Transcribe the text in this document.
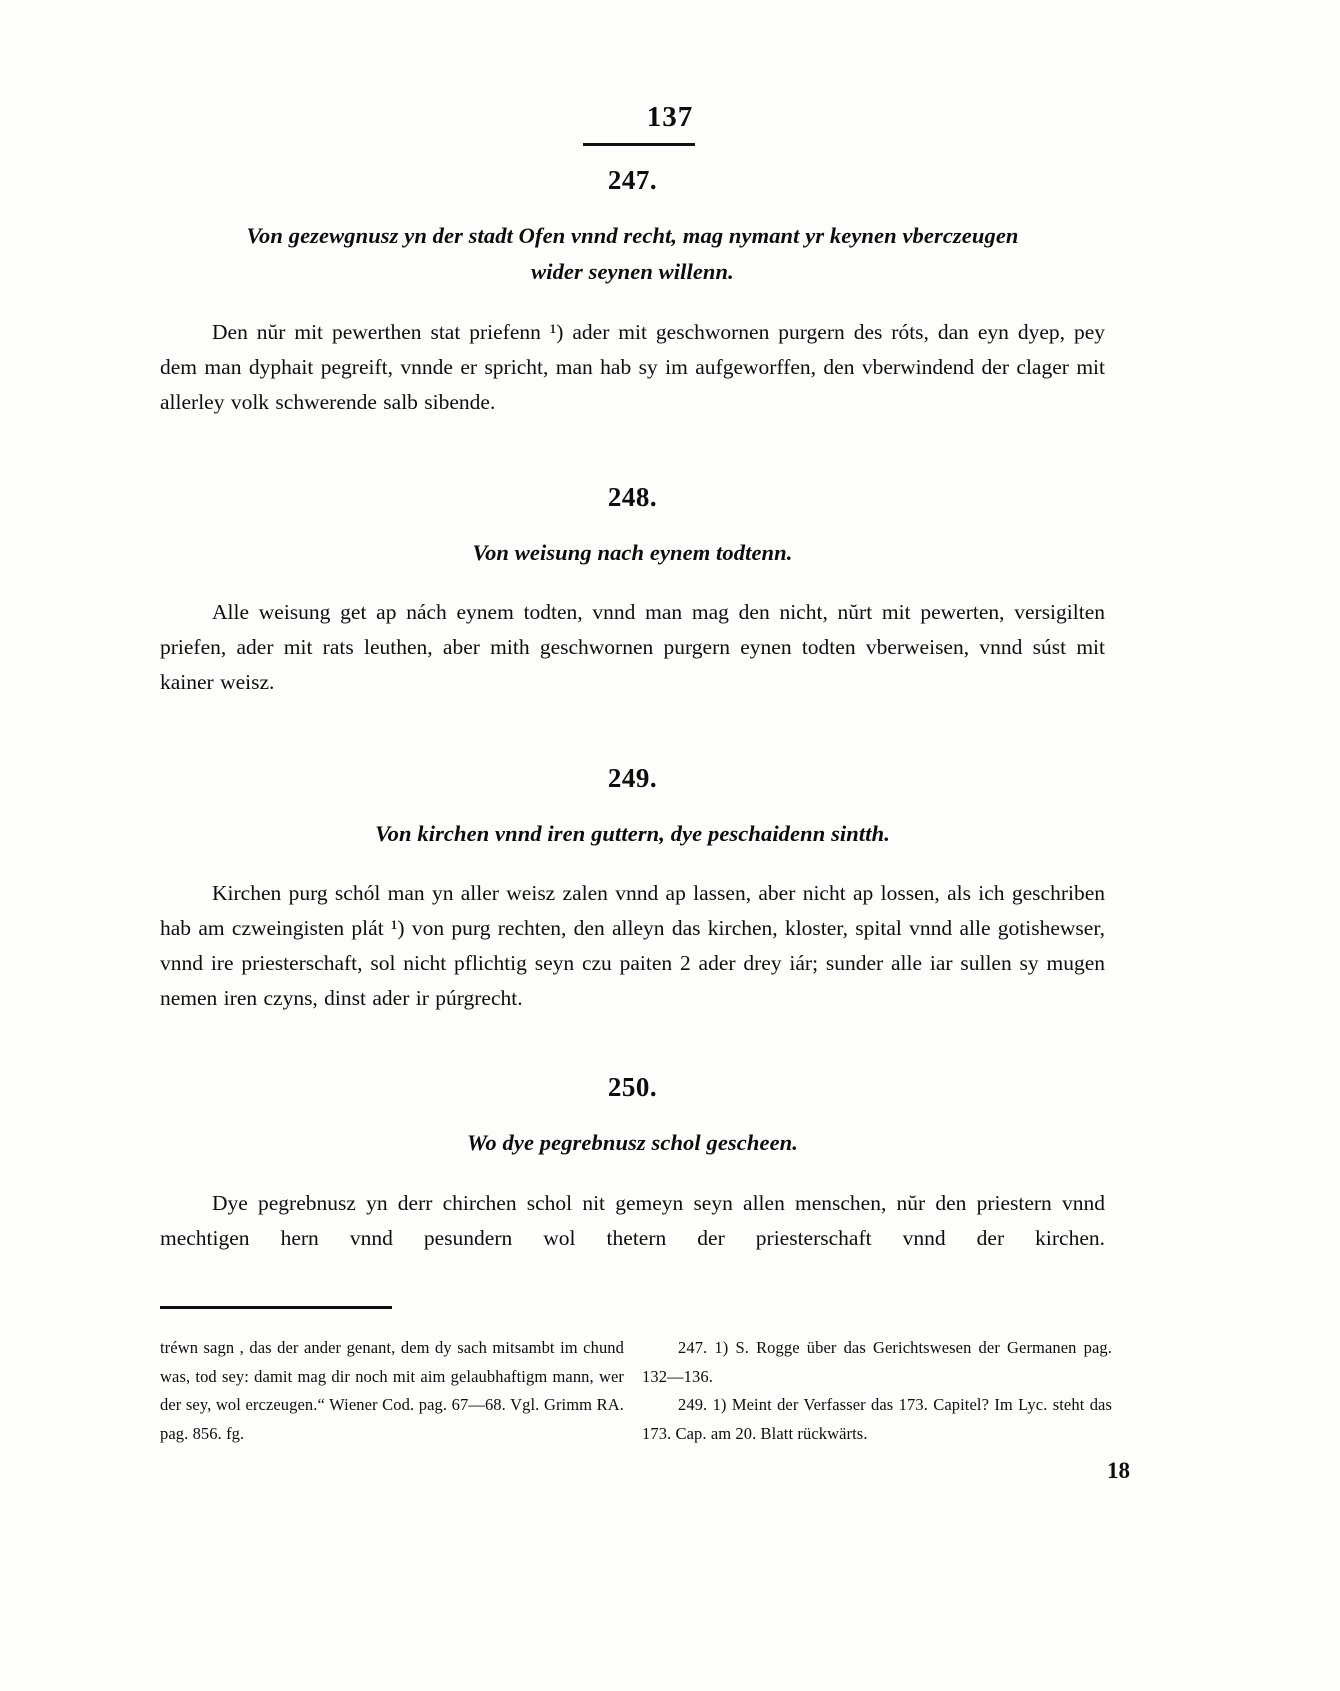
137
247.
Von gezewgnusz yn der stadt Ofen vnnd recht, mag nymant yr keynen vberczeugen
wider seynen willenn.

Den nŭr mit pewerthen stat priefenn ¹) ader mit geschwornen purgern des róts, dan eyn dyep, pey dem man dyphait pegreift, vnnde er spricht, man hab sy im aufgeworffen, den vberwindend der clager mit allerley volk schwerende salb sibende.

248.
Von weisung nach eynem todtenn.

Alle weisung get ap nách eynem todten, vnnd man mag den nicht, nŭrt mit pewerten, versigilten priefen, ader mit rats leuthen, aber mith geschwornen purgern eynen todten vberweisen, vnnd súst mit kainer weisz.

249.
Von kirchen vnnd iren guttern, dye peschaidenn sintth.

Kirchen purg schól man yn aller weisz zalen vnnd ap lassen, aber nicht ap lossen, als ich geschriben hab am czweingisten plát ¹) von purg rechten, den alleyn das kirchen, kloster, spital vnnd alle gotishewser, vnnd ire priesterschaft, sol nicht pflichtig seyn czu paiten 2 ader drey iár; sunder alle iar sullen sy mugen nemen iren czyns, dinst ader ir púrgrecht.

250.
Wo dye pegrebnusz schol gescheen.

Dye pegrebnusz yn derr chirchen schol nit gemeyn seyn allen menschen, nŭr den priestern vnnd mechtigen hern vnnd pesundern wol thetern der priesterschaft vnnd der kirchen.

tréwn sagn , das der ander genant, dem dy sach mitsambt im chund was, tod sey: damit mag dir noch mit aim gelaubhaftigm mann, wer der sey, wol erczeugen.“ Wiener Cod. pag. 67—68. Vgl. Grimm RA. pag. 856. fg.

247. 1) S. Rogge über das Gerichtswesen der Germanen pag. 132—136.

249. 1) Meint der Verfasser das 173. Capitel? Im Lyc. steht das 173. Cap. am 20. Blatt rückwärts.

18
